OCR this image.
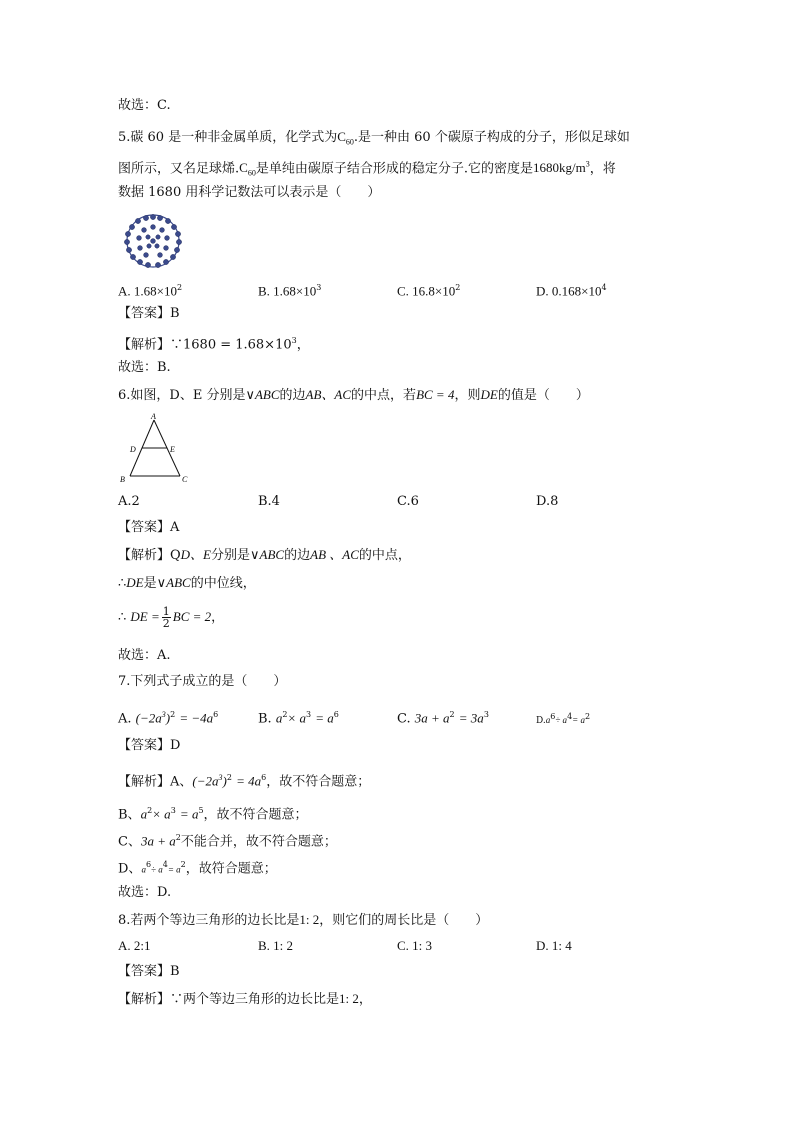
故选：C.
5.碳 60 是一种非金属单质，化学式为$C_{60}$.是一种由 60 个碳原子构成的分子，形似足球如
图所示，又名足球烯$.C_{60}$是单纯由碳原子结合形成的稳定分子.它的密度是$1680kg/m^3$，将
数据 1680 用科学记数法可以表示是（　　）
A. $1.68\times 10^2$	B. $1.68\times 10^3$	C. $16.8\times 10^2$	D. $0.168\times 10^4$
【答案】B
【解析】∵1680 = $1.68\times 10^3$，
故选：B.
6.如图，D、E 分别是∨ABC的边AB、AC的中点，若BC = 4，则DE的值是（　　）
A
D	E
B	C
A.2	B.4	C.6	D.8
【答案】A
【解析】QD、E分别是∨ABC的边AB 、AC的中点，
∴DE是∨ABC的中位线，
∴ DE = $\frac{1}{2}$ BC = 2，
故选：A.
7.下列式子成立的是（　　）
A. $(-2a^3)^2 = -4a^6$	B. $a^2\times a^3 = a^6$	C. $3a + a^2 = 3a^3$
$D.a^6\div a^4= a^2$
【答案】D
【解析】A、$(-2a^3)^2 = 4a^6$，故不符合题意；
B、$a^2\times a^3 = a^5$，故不符合题意；
C、$3a + a^2$不能合并，故不符合题意；
D、$a^6\div a^4= a^2$，故符合题意；
故选：D.
8.若两个等边三角形的边长比是1: 2，则它们的周长比是（　　）
A. 2:1	B. 1: 2	C. 1: 3	D. 1: 4
【答案】B
【解析】∵两个等边三角形的边长比是1: 2，
